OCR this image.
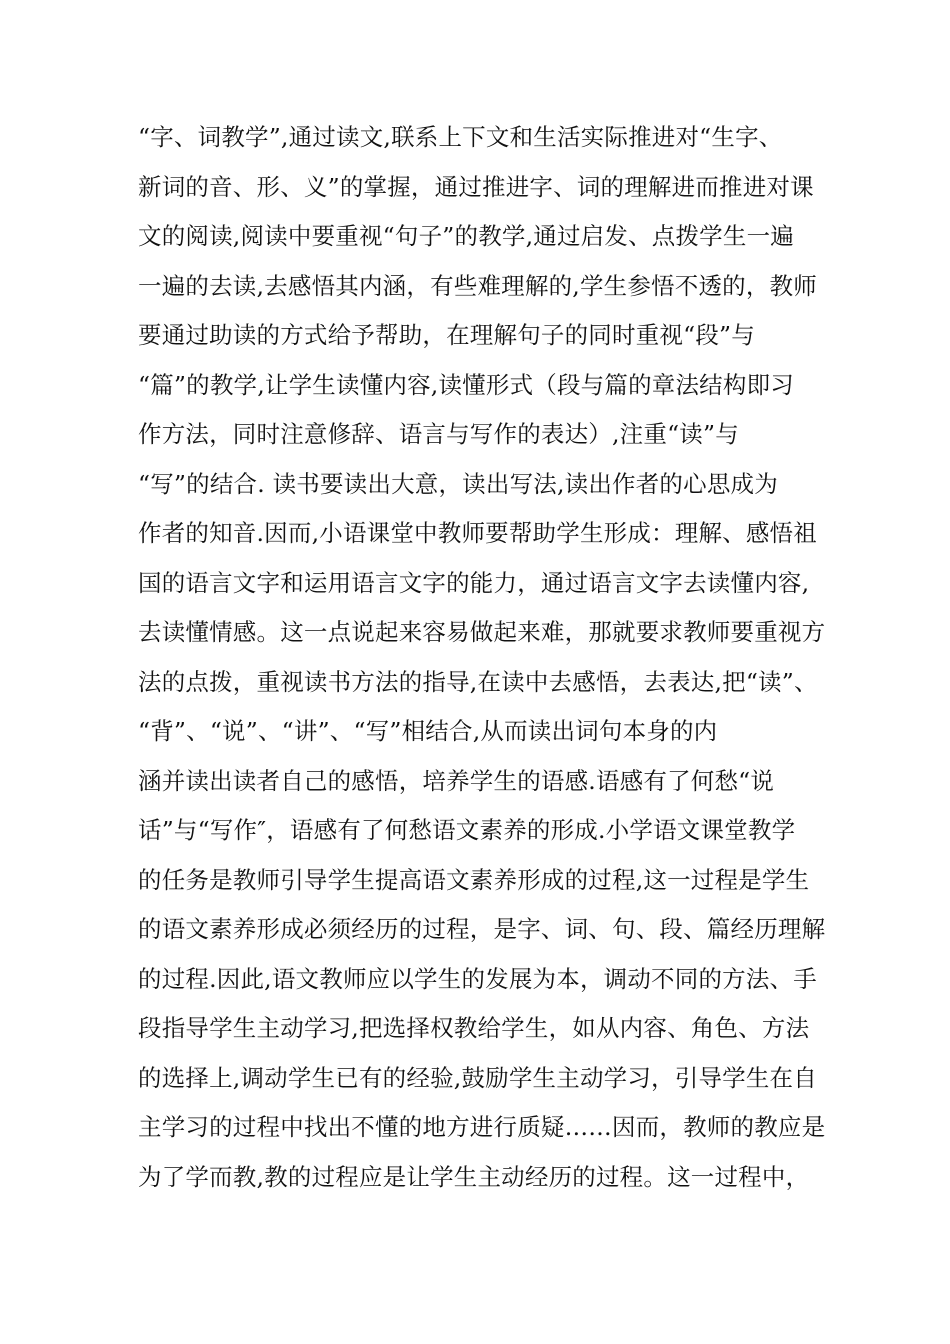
“字、词教学”,通过读文,联系上下文和生活实际推进对“生字、
新词的音、形、义”的掌握，通过推进字、词的理解进而推进对课
文的阅读,阅读中要重视“句子”的教学,通过启发、点拨学生一遍
一遍的去读,去感悟其内涵，有些难理解的,学生参悟不透的，教师
要通过助读的方式给予帮助，在理解句子的同时重视“段”与
“篇”的教学,让学生读懂内容,读懂形式（段与篇的章法结构即习
作方法，同时注意修辞、语言与写作的表达）,注重“读”与
“写”的结合. 读书要读出大意，读出写法,读出作者的心思成为
作者的知音.因而,小语课堂中教师要帮助学生形成：理解、感悟祖
国的语言文字和运用语言文字的能力，通过语言文字去读懂内容,
去读懂情感。这一点说起来容易做起来难，那就要求教师要重视方
法的点拨，重视读书方法的指导,在读中去感悟，去表达,把“读”、
“背”、“说”、“讲”、“写”相结合,从而读出词句本身的内
涵并读出读者自己的感悟，培养学生的语感.语感有了何愁“说
话”与“写作″，语感有了何愁语文素养的形成.小学语文课堂教学
的任务是教师引导学生提高语文素养形成的过程,这一过程是学生
的语文素养形成必须经历的过程，是字、词、句、段、篇经历理解
的过程.因此,语文教师应以学生的发展为本，调动不同的方法、手
段指导学生主动学习,把选择权教给学生，如从内容、角色、方法
的选择上,调动学生已有的经验,鼓励学生主动学习，引导学生在自
主学习的过程中找出不懂的地方进行质疑……因而，教师的教应是
为了学而教,教的过程应是让学生主动经历的过程。这一过程中，
